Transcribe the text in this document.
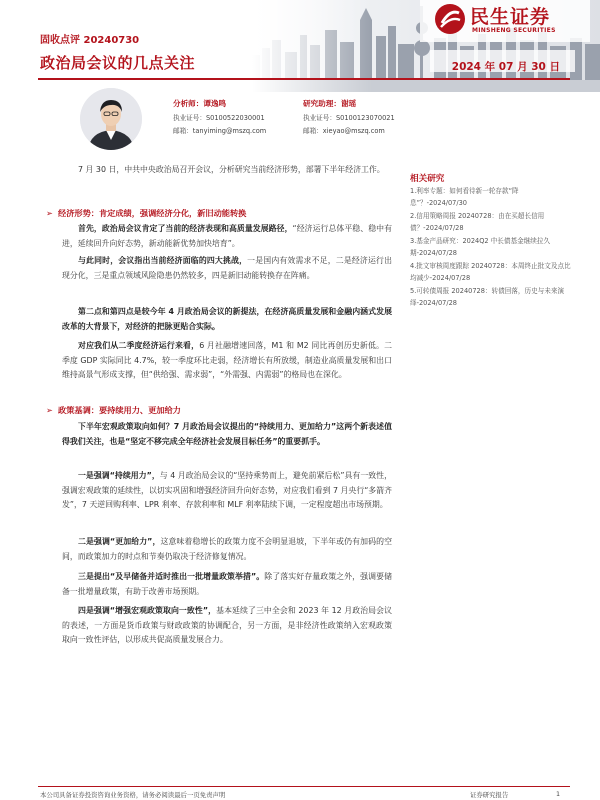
民生证券
MINSHENG SECURITIES
固收点评 20240730
政治局会议的几点关注	2024 年 07 月 30 日
分析师：谭逸鸣
执业证号：S0100522030001
邮箱：tanyiming@mszq.com
研究助理：谢瑶
执业证号：S0100123070021
邮箱：xieyao@mszq.com

7 月 30 日，中共中央政治局召开会议，分析研究当前经济形势，部署下半年经济工作。

➢ 经济形势：肯定成绩，强调经济分化，新旧动能转换

首先，政治局会议肯定了当前的经济表现和高质量发展路径，“经济运行总体平稳、稳中有进，延续回升向好态势，新动能新优势加快培育”。

与此同时，会议指出当前经济面临的四大挑战，一是国内有效需求不足，二是经济运行出现分化，三是重点领域风险隐患仍然较多，四是新旧动能转换存在阵痛。

第二点和第四点是较今年 4 月政治局会议的新提法，在经济高质量发展和金融内涵式发展改革的大背景下，对经济的把脉更贴合实际。

对应我们从二季度经济运行来看，6 月社融增速回落，M1 和 M2 同比再创历史新低。二季度 GDP 实际同比 4.7%，较一季度环比走弱，经济增长有所放缓，制造业高质量发展和出口维持高景气形成支撑，但“供给强、需求弱”，“外需强、内需弱”的格局也在深化。

➢ 政策基调：要持续用力、更加给力

下半年宏观政策取向如何？7 月政治局会议提出的“持续用力、更加给力”这两个新表述值得我们关注，也是“坚定不移完成全年经济社会发展目标任务”的重要抓手。

一是强调“持续用力”，与 4 月政治局会议的“坚持乘势而上，避免前紧后松”具有一致性，强调宏观政策的延续性，以切实巩固和增强经济回升向好态势，对应我们看到 7 月央行“多箭齐发”，7 天逆回购利率、LPR 利率、存款利率和 MLF 利率陆续下调，一定程度超出市场预期。

二是强调“更加给力”，这意味着稳增长的政策力度不会明显退坡，下半年或仍有加码的空间，而政策加力的时点和节奏仍取决于经济修复情况。

三是提出“及早储备并适时推出一批增量政策举措”。除了落实好存量政策之外，强调要储备一批增量政策，有助于改善市场预期。

四是强调“增强宏观政策取向一致性”，基本延续了三中全会和 2023 年 12 月政治局会议的表述，一方面是货币政策与财政政策的协调配合，另一方面，是非经济性政策纳入宏观政策取向一致性评估，以形成共促高质量发展合力。

相关研究
1.利率专题：如何看待新一轮存款“降息”？-2024/07/30
2.信用策略周报 20240728：由在买超长信用债？-2024/07/28
3.基金产品研究：2024Q2 中长债基金继续拉久期-2024/07/28
4.批文审核周度跟踪 20240728：本周终止批文及点比均减少-2024/07/28
5.可转债周报 20240728：转债回落，历史与未来演绎-2024/07/28
本公司具备证券投资咨询业务资格，请务必阅读最后一页免责声明	证券研究报告	1
